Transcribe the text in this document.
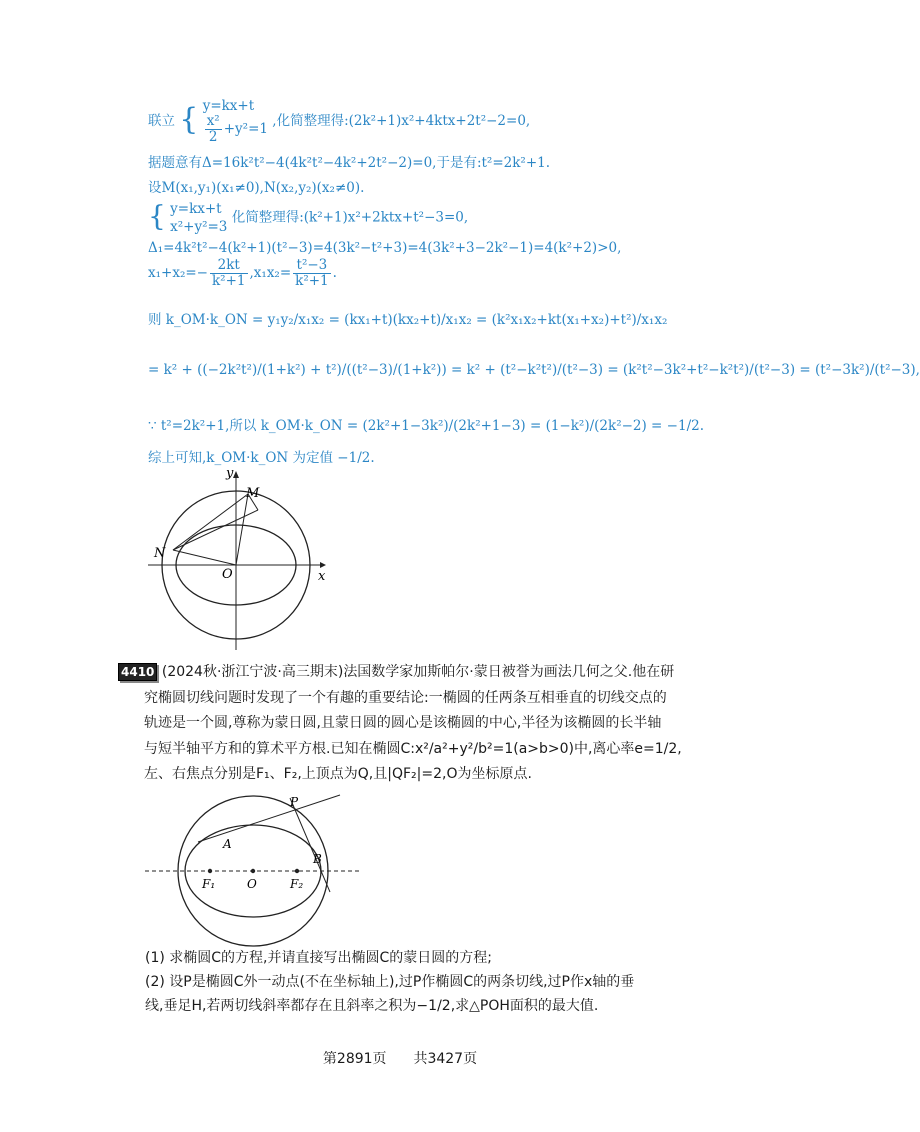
联立 { y=kx+t
$\frac{\text{x²}}{2} +y^2=1$ ,化简整理得:(2k²+1)x²+4ktx+2t²−2=0,
据题意有Δ=16k²t²−4(4k²t²−4k²+2t²−2)=0,于是有:t²=2k²+1.
设M(x₁,y₁)(x₁≠0),N(x₂,y₂)(x₂≠0).
{ y=kx+t
x²+y²=3
化简整理得:(k²+1)x²+2ktx+t²−3=0,
Δ₁=4k²t²−4(k²+1)(t²−3)=4(3k²−t²+3)=4(3k²+3−2k²−1)=4(k²+2)>0,
$x_1+x_2=- \frac{2kt}{\text{k²+1}} ,x_1x_2= \frac{\text{t²−3}}{\text{k²+1}}$ .
则 k_OM·k_ON = y₁y₂/x₁x₂ = (kx₁+t)(kx₂+t)/x₁x₂ = (k²x₁x₂+kt(x₁+x₂)+t²)/x₁x₂
= k² + ((−2k²t²)/(1+k²) + t²)/((t²−3)/(1+k²)) = k² + (t²−k²t²)/(t²−3) = (k²t²−3k²+t²−k²t²)/(t²−3) = (t²−3k²)/(t²−3),
∵ t²=2k²+1,所以 k_OM·k_ON = (2k²+1−3k²)/(2k²+1−3) = (1−k²)/(2k²−2) = −1/2.
综上可知,k_OM·k_ON 为定值 −1/2.
y
x
M
N
O
4410 (2024秋·浙江宁波·高三期末)法国数学家加斯帕尔·蒙日被誉为画法几何之父.他在研
究椭圆切线问题时发现了一个有趣的重要结论:一椭圆的任两条互相垂直的切线交点的
轨迹是一个圆,尊称为蒙日圆,且蒙日圆的圆心是该椭圆的中心,半径为该椭圆的长半轴
与短半轴平方和的算术平方根.已知在椭圆C:x²/a²+y²/b²=1(a>b>0)中,离心率e=1/2,
左、右焦点分别是F₁、F₂,上顶点为Q,且|QF₂|=2,O为坐标原点.
P
A
B
F₁	O	F₂
(1) 求椭圆C的方程,并请直接写出椭圆C的蒙日圆的方程;
(2) 设P是椭圆C外一动点(不在坐标轴上),过P作椭圆C的两条切线,过P作x轴的垂
线,垂足H,若两切线斜率都存在且斜率之积为−1/2,求△POH面积的最大值.
第2891页 共3427页
